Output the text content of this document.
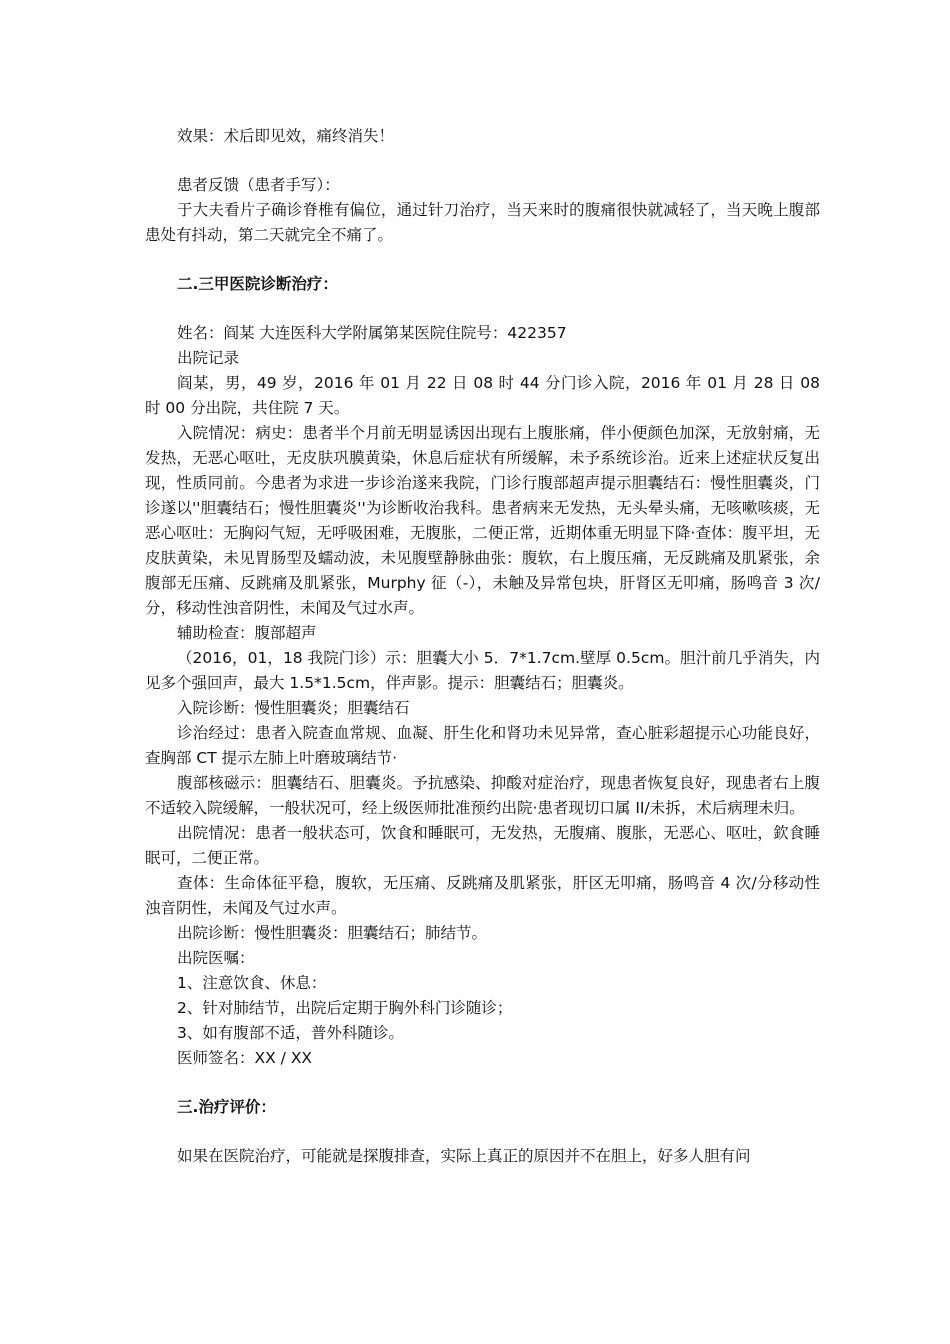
效果：术后即见效，痛终消失！

患者反馈（患者手写）：

于大夫看片子确诊脊椎有偏位，通过针刀治疗，当天来时的腹痛很快就减轻了，当天晚上腹部患处有抖动，第二天就完全不痛了。

二.三甲医院诊断治疗：

姓名：阎某 大连医科大学附属第某医院住院号：422357

出院记录

阎某，男，49 岁，2016 年 01 月 22 日 08 时 44 分门诊入院，2016 年 01 月 28 日 08 时 00 分出院，共住院 7 天。

入院情况：病史：患者半个月前无明显诱因出现右上腹胀痛，伴小便颜色加深，无放射痛，无发热，无恶心呕吐，无皮肤巩膜黄染，休息后症状有所缓解，未予系统诊治。近来上述症状反复出现，性质同前。今患者为求进一步诊治遂来我院，门诊行腹部超声提示胆囊结石：慢性胆囊炎，门诊遂以''胆囊结石；慢性胆囊炎''为诊断收治我科。患者病来无发热，无头晕头痛，无咳嗽咳痰，无恶心呕吐：无胸闷气短，无呼吸困难，无腹胀，二便正常，近期体重无明显下降·查体：腹平坦，无皮肤黄染，未见胃肠型及蠕动波，未见腹壁静脉曲张：腹软，右上腹压痛，无反跳痛及肌紧张，余腹部无压痛、反跳痛及肌紧张，Murphy 征（-），未触及异常包块，肝肾区无叩痛，肠鸣音 3 次/分，移动性浊音阴性，未闻及气过水声。

辅助检查：腹部超声

（2016，01，18 我院门诊）示：胆囊大小 5．7*1.7cm.壁厚 0.5cm。胆汁前几乎消失，内见多个强回声，最大 1.5*1.5cm，伴声影。提示：胆囊结石；胆囊炎。

入院诊断：慢性胆囊炎；胆囊结石

诊治经过：患者入院查血常规、血凝、肝生化和肾功未见异常，查心脏彩超提示心功能良好，查胸部 CT 提示左肺上叶磨玻璃结节·

腹部核磁示：胆囊结石、胆囊炎。予抗感染、抑酸对症治疗，现患者恢复良好，现患者右上腹不适较入院缓解，一般状况可，经上级医师批准预约出院·患者现切口属 II/未拆，术后病理未归。

出院情况：患者一般状态可，饮食和睡眠可，无发热，无腹痛、腹胀，无恶心、呕吐，欽食睡眠可，二便正常。

查体：生命体征平稳，腹软，无压痛、反跳痛及肌紧张，肝区无叩痛，肠鸣音 4 次/分移动性浊音阴性，未闻及气过水声。

出院诊断：慢性胆囊炎：胆囊结石；肺结节。

出院医嘱：

1、注意饮食、休息：

2、针对肺结节，出院后定期于胸外科门诊随诊；

3、如有腹部不适，普外科随诊。

医师签名：XX / XX

三.治疗评价：

如果在医院治疗，可能就是探腹排查，实际上真正的原因并不在胆上，好多人胆有问
